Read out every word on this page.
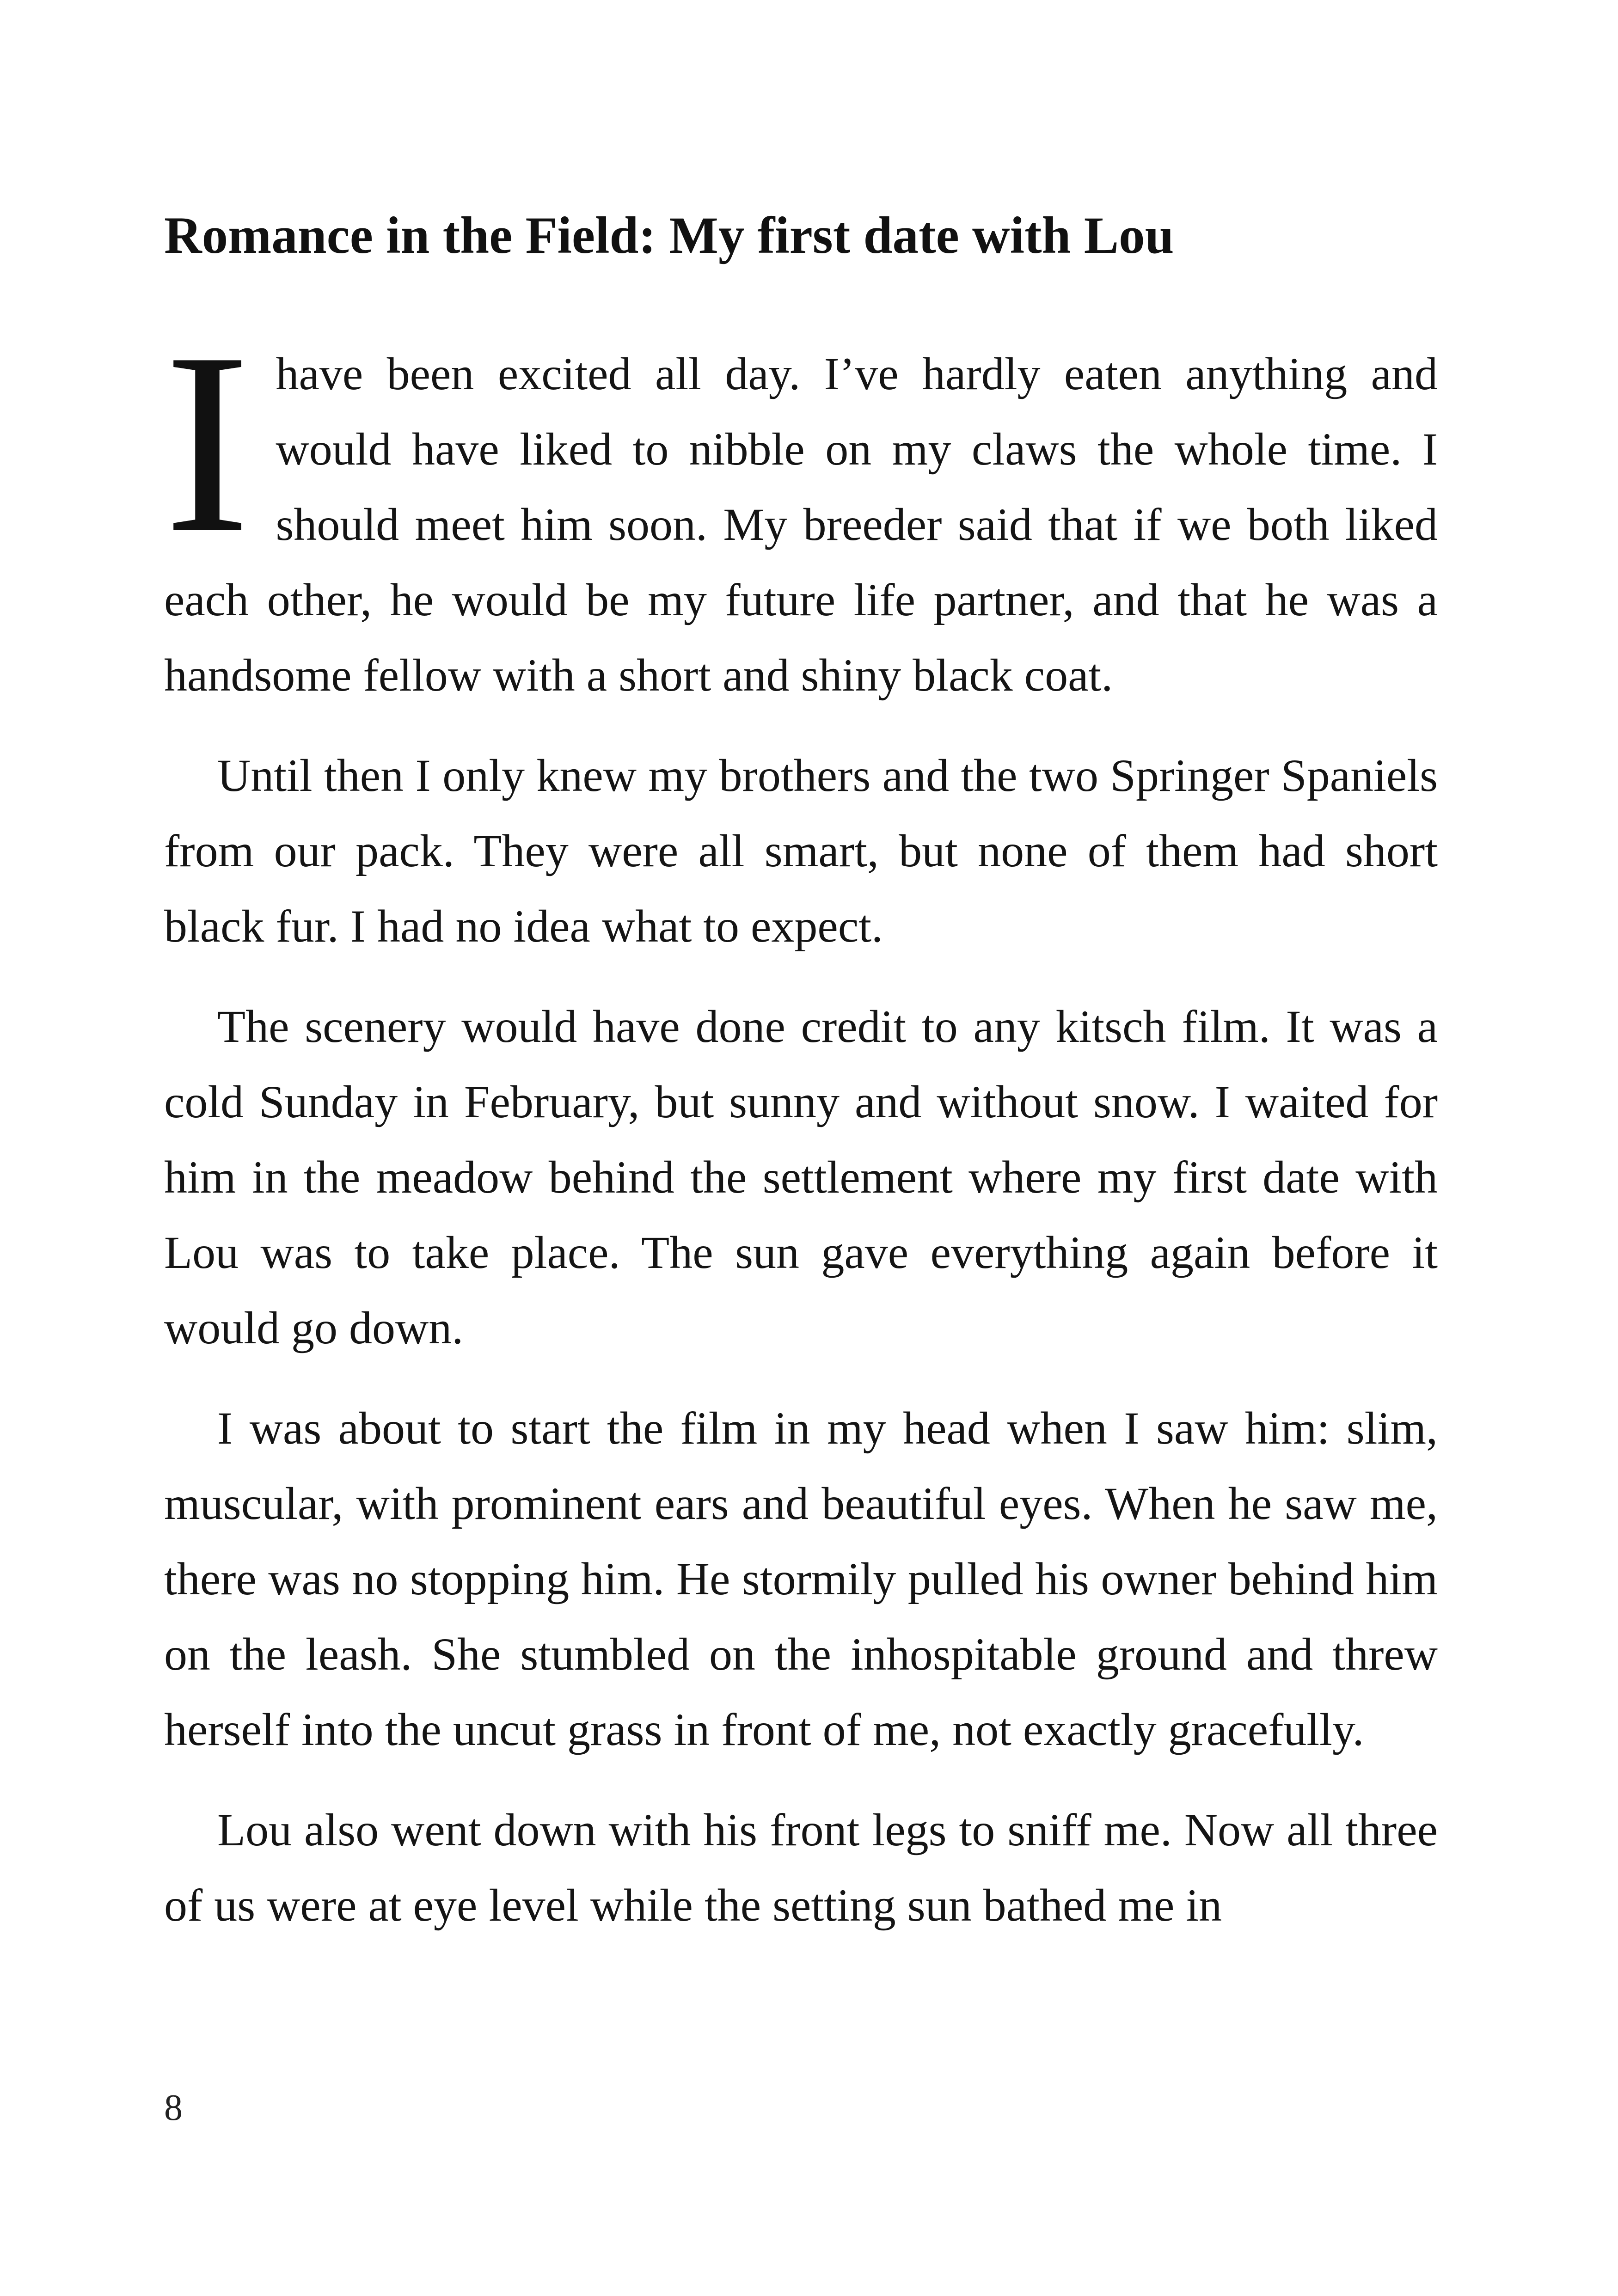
Romance in the Field: My first date with Lou

Ihave been excited all day. I’ve hardly eaten anything and would have liked to nibble on my claws the whole time. I should meet him soon. My breeder said that if we both liked each other, he would be my future life partner, and that he was a handsome fellow with a short and shiny black coat.

Until then I only knew my brothers and the two Springer Spaniels from our pack. They were all smart, but none of them had short black fur. I had no idea what to expect.

The scenery would have done credit to any kitsch film. It was a cold Sunday in February, but sunny and without snow. I waited for him in the meadow behind the settlement where my first date with Lou was to take place. The sun gave everything again before it would go down.

I was about to start the film in my head when I saw him: slim, muscular, with prominent ears and beautiful eyes. When he saw me, there was no stopping him. He stormily pulled his owner behind him on the leash. She stumbled on the inhospitable ground and threw herself into the uncut grass in front of me, not exactly gracefully.

Lou also went down with his front legs to sniff me. Now all three of us were at eye level while the setting sun bathed me in

8
